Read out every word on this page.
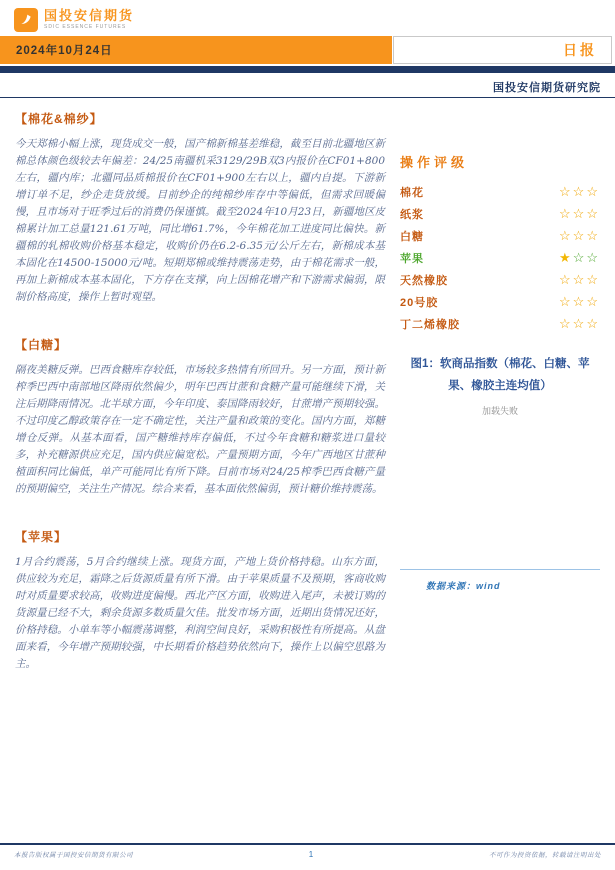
国投安信期货
SDIC ESSENCE FUTURES
2024年10月24日	日报
国投安信期货研究院
【棉花&棉纱】
今天郑棉小幅上涨，现货成交一般，国产棉新棉基差维稳，截至目前北疆地区新棉总体颜色级较去年偏差：24/25南疆机采3129/29B双3内报价在CF01+800左右，疆内库；北疆同品质棉报价在CF01+900左右以上，疆内自提。下游新增订单不足，纱企走货放缓。目前纱企的纯棉纱库存中等偏低，但需求回暖偏慢，且市场对于旺季过后的消费仍保谨慎。截至2024年10月23日，新疆地区皮棉累计加工总量121.61万吨，同比增61.7%，今年棉花加工进度同比偏快。新疆棉的轧棉收购价格基本稳定，收购价仍在6.2-6.35元/公斤左右，新棉成本基本固化在14500-15000元/吨。短期郑棉或维持震荡走势，由于棉花需求一般，再加上新棉成本基本固化，下方存在支撑，向上因棉花增产和下游需求偏弱，限制价格高度，操作上暂时观望。
【白糖】
隔夜美糖反弹。巴西食糖库存较低，市场较多热情有所回升。另一方面，预计新榨季巴西中南部地区降雨依然偏少，明年巴西甘蔗和食糖产量可能继续下滑，关注后期降雨情况。北半球方面，今年印度、泰国降雨较好，甘蔗增产预期较强。不过印度乙醇政策存在一定不确定性，关注产量和政策的变化。国内方面，郑糖增仓反弹。从基本面看，国产糖维持库存偏低，不过今年食糖和糖浆进口量较多，补充糖源供应充足，国内供应偏宽松。产量预期方面，今年广西地区甘蔗种植面积同比偏低，单产可能同比有所下降。目前市场对24/25榨季巴西食糖产量的预期偏空，关注生产情况。综合来看，基本面依然偏弱，预计糖价维持震荡。
【苹果】
1月合约震荡，5月合约继续上涨。现货方面，产地上货价格持稳。山东方面，供应较为充足，霜降之后货源质量有所下滑。由于苹果质量不及预期，客商收购时对质量要求较高，收购进度偏慢。西北产区方面，收购进入尾声，未被订购的货源量已经不大，剩余货源多数质量欠佳。批发市场方面，近期出货情况还好，价格持稳。小单车等小幅震荡调整，利润空间良好，采购积极性有所提高。从盘面来看，今年增产预期较强，中长期看价格趋势依然向下，操作上以偏空思路为主。
操作评级
棉花	☆☆☆
纸浆	☆☆☆
白糖	☆☆☆
苹果	★☆☆
天然橡胶	☆☆☆
20号胶	☆☆☆
丁二烯橡胶	☆☆☆
图1：软商品指数（棉花、白糖、苹果、橡胶主连均值）
加载失败
数据来源：wind
本报告版权属于国投安信期货有限公司	1	不可作为投资依据，转载请注明出处
